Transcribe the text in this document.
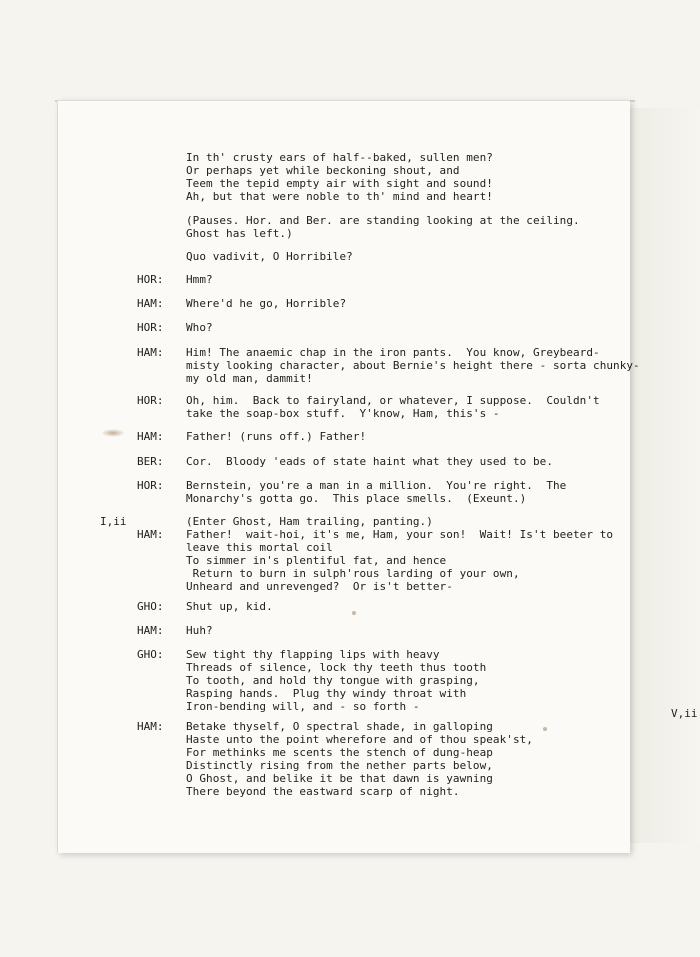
I,ii
V,ii
In th' crusty ears of half--baked, sullen men?
Or perhaps yet while beckoning shout, and
Teem the tepid empty air with sight and sound!
Ah, but that were noble to th' mind and heart!
(Pauses. Hor. and Ber. are standing looking at the ceiling.
Ghost has left.)
Quo vadivit, O Horribile?
HOR: Hmm?
HAM: Where'd he go, Horrible?
HOR: Who?
HAM: Him! The anaemic chap in the iron pants.  You know, Greybeard-
misty looking character, about Bernie's height there - sorta chunky-
my old man, dammit!
HOR: Oh, him.  Back to fairyland, or whatever, I suppose.  Couldn't
take the soap-box stuff.  Y'know, Ham, this's -
HAM: Father! (runs off.) Father!
BER: Cor.  Bloody 'eads of state haint what they used to be.
HOR: Bernstein, you're a man in a million.  You're right.  The
Monarchy's gotta go.  This place smells.  (Exeunt.)
(Enter Ghost, Ham trailing, panting.)
HAM: Father!  wait-hoi, it's me, Ham, your son!  Wait! Is't beeter to
leave this mortal coil
To simmer in's plentiful fat, and hence
Return to burn in sulph'rous larding of your own,
Unheard and unrevenged?  Or is't better-
GHO: Shut up, kid.
HAM: Huh?
GHO: Sew tight thy flapping lips with heavy
Threads of silence, lock thy teeth thus tooth
To tooth, and hold thy tongue with grasping,
Rasping hands.  Plug thy windy throat with
Iron-bending will, and - so forth -
HAM: Betake thyself, O spectral shade, in galloping
Haste unto the point wherefore and of thou speak'st,
For methinks me scents the stench of dung-heap
Distinctly rising from the nether parts below,
O Ghost, and belike it be that dawn is yawning
There beyond the eastward scarp of night.
